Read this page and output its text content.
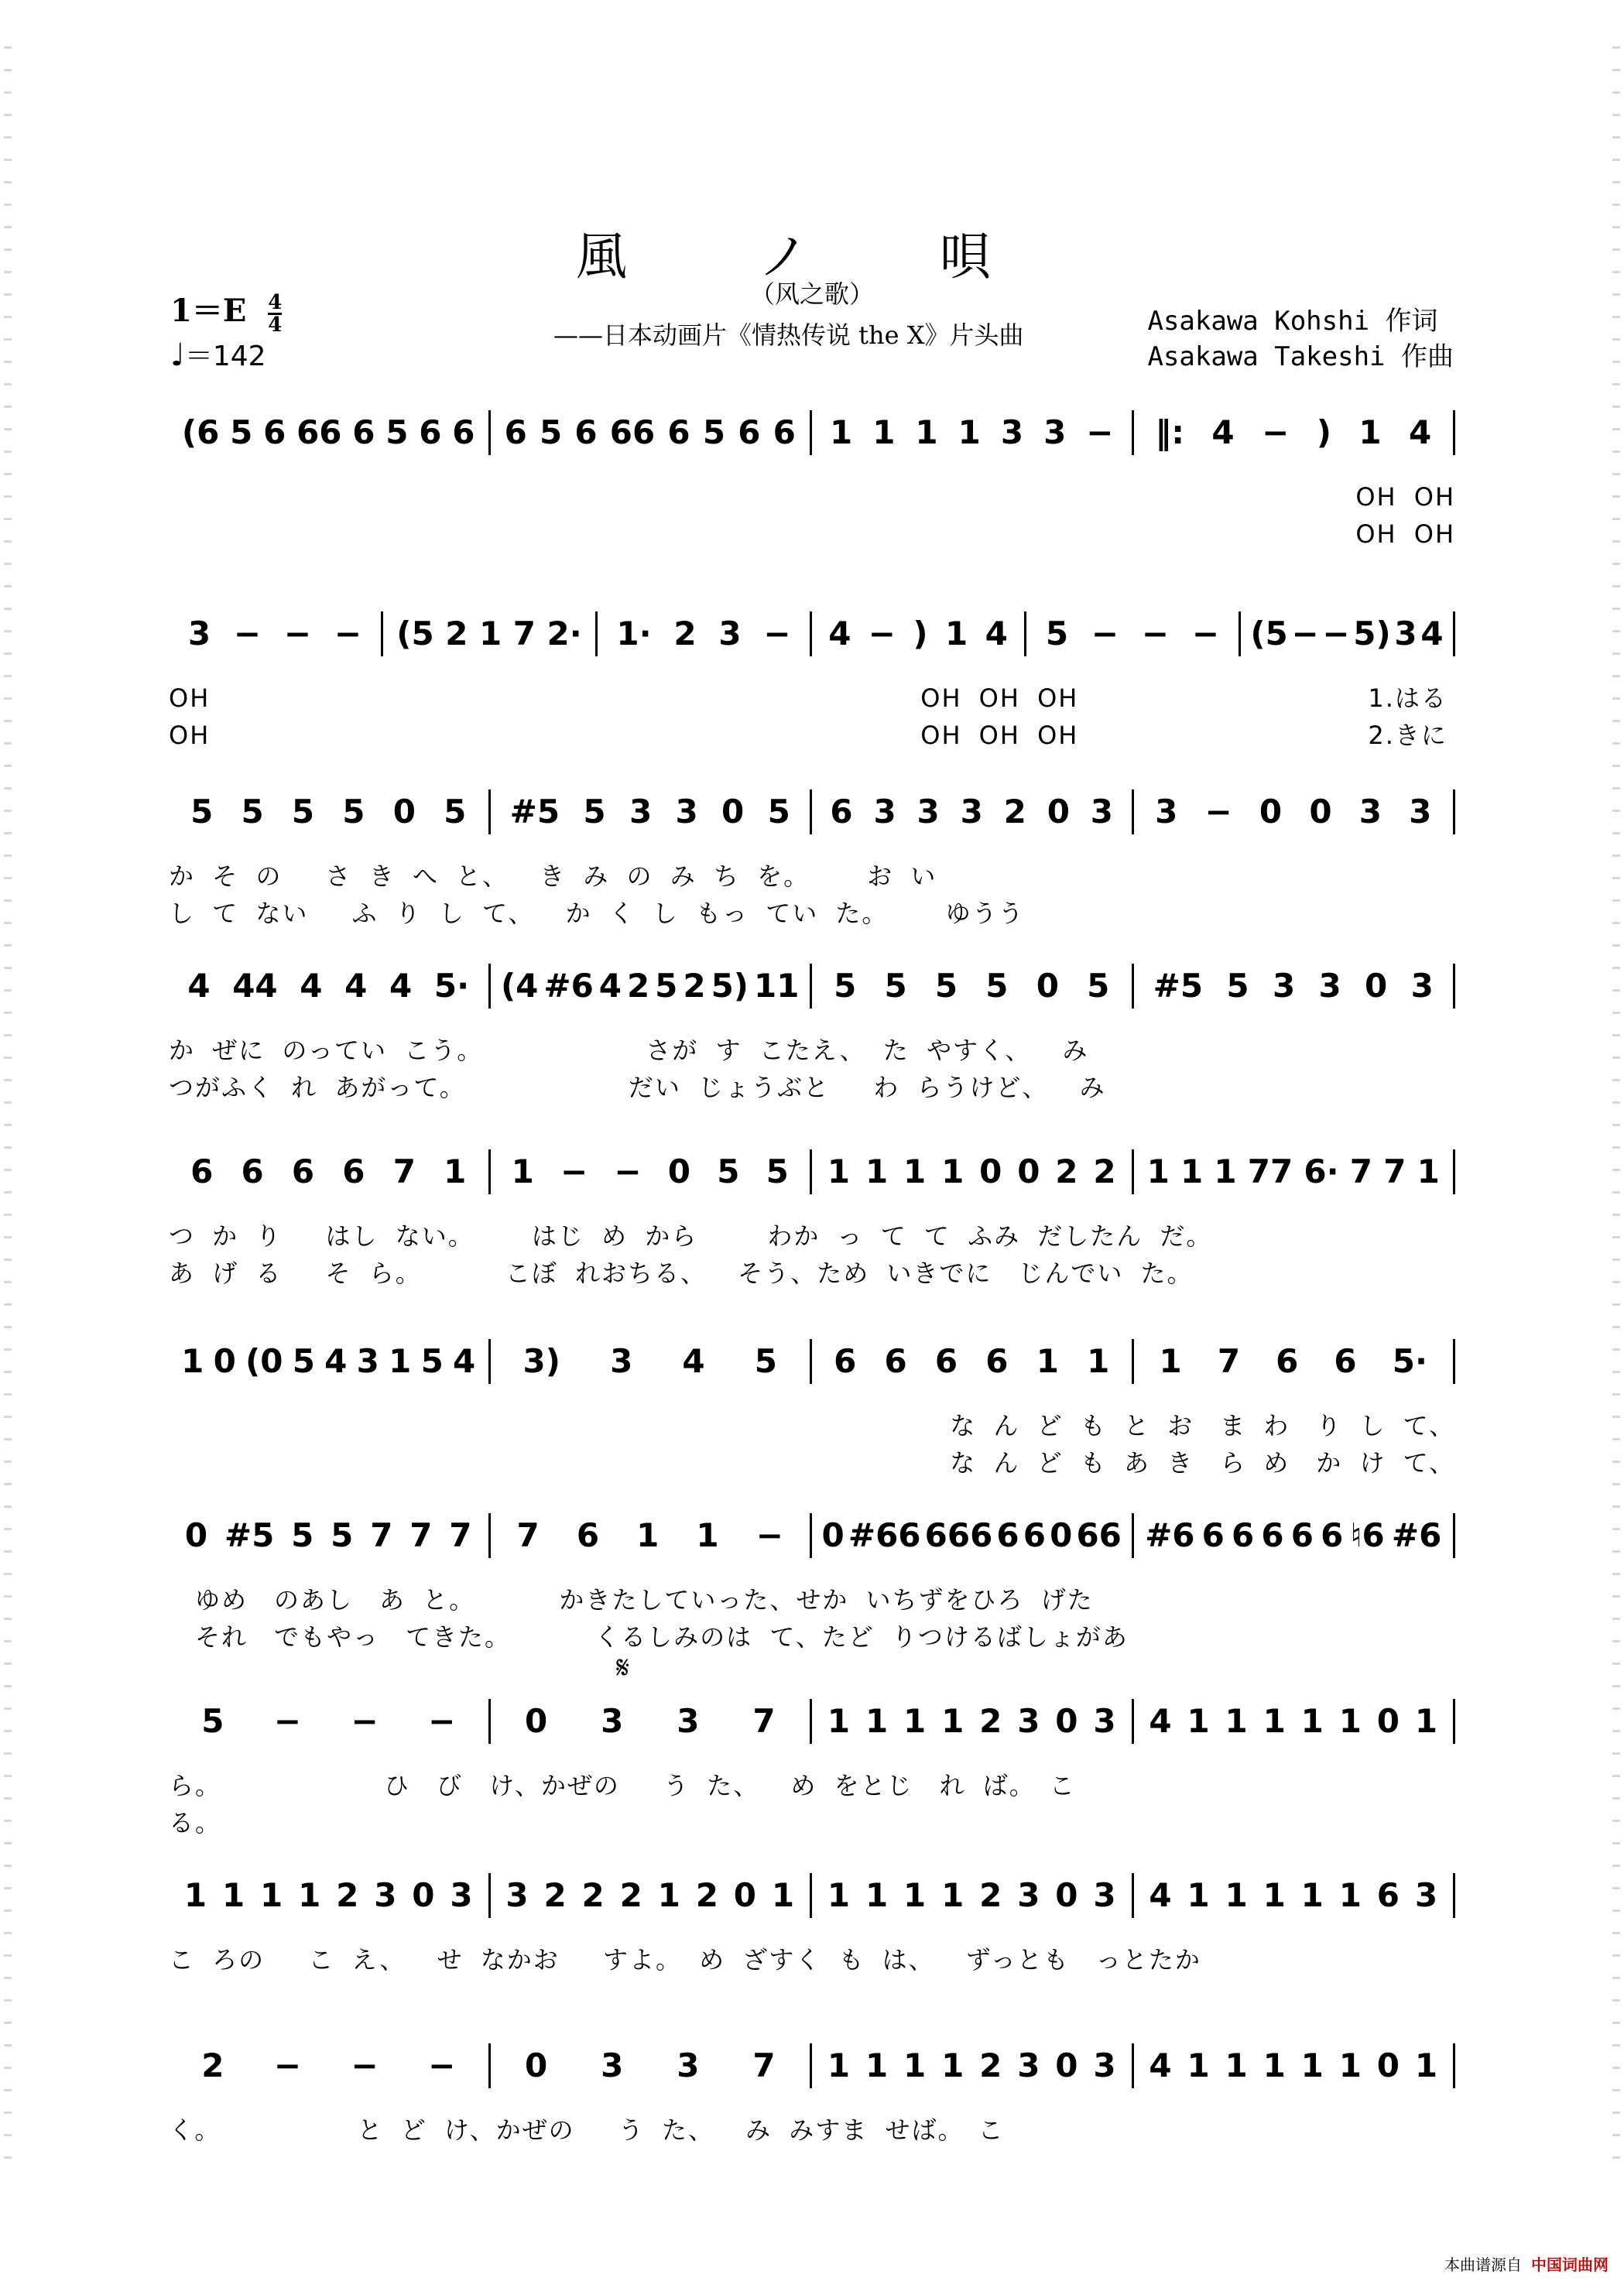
風 ノ 唄
（风之歌）
——日本动画片《情热传说 the X》片头曲
$1=E \frac{4}{4}$
♩＝142
Asakawa Kohshi 作词
Asakawa Takeshi 作曲
𝄋
(6 5 6 66 6 5 6 6 6 5 6 66 6 5 6 6 1 1 1 1 3 3 − ‖: 4 − ) 1 4
OH OH
OH OH
3 − − − (5 2 1 7 2· 1· 2 3 − 4 − ) 1 4 5 − − − (5 − − 5) 3 4
OH　　　　　　　　　　　　　　　　　　　　　　　　　　　OH OH OH　　　　　　　　　　　1.はる
OH　　　　　　　　　　　　　　　　　　　　　　　　　　　OH OH OH　　　　　　　　　　　2.きに
5 5 5 5 0 5 #5 5 3 3 0 5 6 3 3 3 2 0 3 3 − 0 0 3 3
か そ の　 さ き へ と、　 き み の み ち を。　　 お い
し て ない　 ふ り し て、　 か く し もっ てい た。　　 ゆうう
4 44 4 4 4 5· (4 #6 4 2 5 2 5) 11 5 5 5 5 0 5 #5 5 3 3 0 3
か ぜに のってい こう。　　　　　　 さが す こたえ、 た やすく、　 み
つがふく れ あがって。　　　　　　 だい じょうぶと　 わ らうけど、　 み
6 6 6 6 7 1 1 − − 0 5 5 1 1 1 1 0 0 2 2 1 1 1 77 6· 7 7 1
つ か り　 はし ない。　　 はじ め から　　 わか っ て て ふみ だしたん だ。
あ げ る　 そ ら。　　　 こぼ れおちる、　 そう、ため いきでに　じんでい た。
1 0 (0 5 4 3 1 5 4 3) 3 4 5 6 6 6 6 1 1 1 7 6 6 5·
な ん ど も と お　ま わ　り し て、
な ん ど も あ き　ら め　か け て、
0 #5 5 5 7 7 7 7 6 1 1 − 0 #66 666 6 6 0 66 #6 6 6 6 6 6 ♮6 #6
　ゆめ　のあし　あ と。　　　 かきたしていった、せか いちずをひろ げた
　それ　でもやっ　てきた。　　　 くるしみのは て、たど りつけるばしょがあ
5 − − − 0 3 3 7 1 1 1 1 2 3 0 3 4 1 1 1 1 1 0 1
ら。　　　　　　 ひ　び　け、かぜの　 う た、　 め をとじ　れ ば。　こ
る。
1 1 1 1 2 3 0 3 3 2 2 2 1 2 0 1 1 1 1 1 2 3 0 3 4 1 1 1 1 1 6 3
こ ろの　 こ え、　 せ なかお　 すよ。 め ざすく も は、　 ずっとも　っとたか
2 − − − 0 3 3 7 1 1 1 1 2 3 0 3 4 1 1 1 1 1 0 1
く。　　　　　 と ど け、かぜの　 う た、　 み みすま せば。　こ
本曲谱源自 中国词曲网
